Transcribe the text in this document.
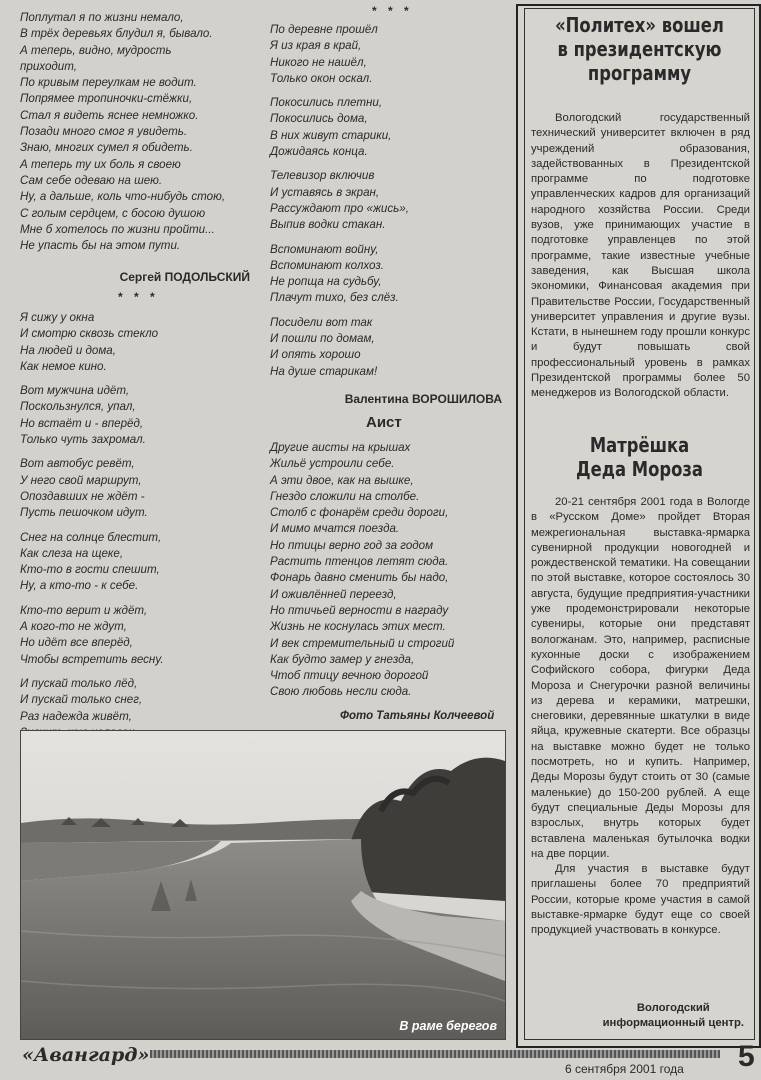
Поплутал я по жизни немало,
В трёх деревьях блудил я, бывало.
А теперь, видно, мудрость
приходит,
По кривым переулкам не водит.
Попрямее тропиночки-стёжки,
Стал я видеть яснее немножко.
Позади много смог я увидеть.
Знаю, многих сумел я обидеть.
А теперь ту их боль я своею
Сам себе одеваю на шею.
Ну, а дальше, коль что-нибудь стою,
С голым сердцем, с босою душою
Мне б хотелось по жизни пройти...
Не упасть бы на этом пути.
Сергей ПОДОЛЬСКИЙ
* * *
Я сижу у окна
И смотрю сквозь стекло
На людей и дома,
Как немое кино.
Вот мужчина идёт,
Поскользнулся, упал,
Но встаёт и - вперёд,
Только чуть захромал.
Вот автобус ревёт,
У него свой маршрут,
Опоздавших не ждёт -
Пусть пешочком идут.
Снег на солнце блестит,
Как слеза на щеке,
Кто-то в гости спешит,
Ну, а кто-то - к себе.
Кто-то верит и ждёт,
А кого-то не ждут,
Но идёт все вперёд,
Чтобы встретить весну.
И пускай только лёд,
И пускай только снег,
Раз надежда живёт,

* * *
По деревне прошёл
Я из края в край,
Никого не нашёл,
Только окон оскал.
Покосились плетни,
Покосились дома,
В них живут старики,
Дожидаясь конца.
Телевизор включив
И уставясь в экран,
Рассуждают про «жись»,
Выпив водки стакан.
Вспоминают войну,
Вспоминают колхоз.
Не ропща на судьбу,
Плачут тихо, без слёз.
Посидели вот так
И пошли по домам,
И опять хорошо
На душе старикам!
Валентина ВОРОШИЛОВА
Аист
Другие аисты на крышах
Жильё устроили себе.
А эти двое, как на вышке,
Гнездо сложили на столбе.
Столб с фонарём среди дороги,
И мимо мчатся поезда.
Но птицы верно год за годом
Растить птенцов летят сюда.
Фонарь давно сменить бы надо,
И оживлённей переезд,
Но птичьей верности в награду
Жизнь не коснулась этих мест.
И век стремительный и строгий
Как будто замер у гнезда,
Чтоб птицу вечною дорогой
Свою любовь несли сюда.
Фото Татьяны Колчеевой
В раме берегов
«Политех» вошел
в президентскую
программу

Вологодский государственный технический университет включен в ряд учреждений образования, задействованных в Президентской программе по подготовке управленческих кадров для организаций народного хозяйства России. Среди вузов, уже принимающих участие в подготовке управленцев по этой программе, такие известные учебные заведения, как Высшая школа экономики, Финансовая академия при Правительстве России, Государственный университет управления и другие вузы. Кстати, в нынешнем году прошли конкурс и будут повышать свой профессиональный уровень в рамках Президентской программы более 50 менеджеров из Вологодской области.

Матрёшка
Деда Мороза

20-21 сентября 2001 года в Вологде в «Русском Доме» пройдет Вторая межрегиональная выставка-ярмарка сувенирной продукции новогодней и рождественской тематики. На совещании по этой выставке, которое состоялось 30 августа, будущие предприятия-участники уже продемонстрировали некоторые сувениры, которые они представят вологжанам. Это, например, расписные кухонные доски с изображением Софийского собора, фигурки Деда Мороза и Снегурочки разной величины из дерева и керамики, матрешки, снеговики, деревянные шкатулки в виде яйца, кружевные скатерти. Все образцы на выставке можно будет не только посмотреть, но и купить. Например, Деды Морозы будут стоить от 30 (самые маленькие) до 150-200 рублей. А еще будут специальные Деды Морозы для взрослых, внутрь которых будет вставлена маленькая бутылочка водки на две порции.

Для участия в выставке будут приглашены более 70 предприятий России, которые кроме участия в самой выставке-ярмарке будут еще со своей продукцией участвовать в конкурсе.

Вологодский
информационный центр.
«Авангард»
6 сентября 2001 года 5
